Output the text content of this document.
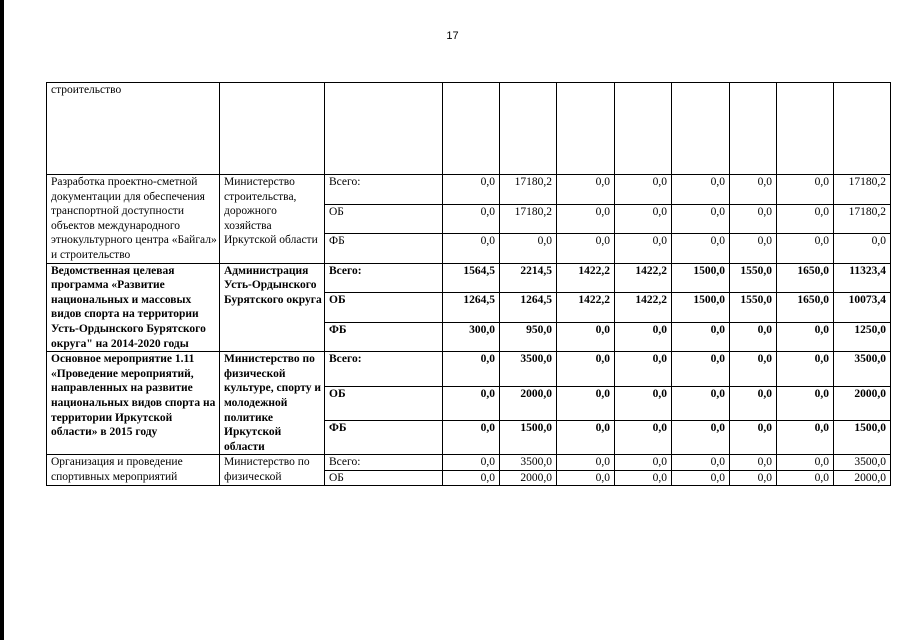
17
строительство										
Разработка проектно-сметной документации для обеспечения транспортной доступности объектов международного этнокультурного центра «Байгал» и строительство	Министерство строительства, дорожного хозяйства Иркутской области	Всего:	0,0	17180,2	0,0	0,0	0,0	0,0	0,0	17180,2
		ОБ	0,0	17180,2	0,0	0,0	0,0	0,0	0,0	17180,2
		ФБ	0,0	0,0	0,0	0,0	0,0	0,0	0,0	0,0
Ведомственная целевая программа «Развитие национальных и массовых видов спорта на территории Усть-Ордынского Бурятского округа" на 2014-2020 годы	Администрация Усть-Ордынского Бурятского округа	Всего:	1564,5	2214,5	1422,2	1422,2	1500,0	1550,0	1650,0	11323,4
		ОБ	1264,5	1264,5	1422,2	1422,2	1500,0	1550,0	1650,0	10073,4
		ФБ	300,0	950,0	0,0	0,0	0,0	0,0	0,0	1250,0
Основное мероприятие 1.11 «Проведение мероприятий, направленных на развитие национальных видов спорта на территории Иркутской области» в 2015 году	Министерство по физической культуре, спорту и молодежной политике Иркутской области	Всего:	0,0	3500,0	0,0	0,0	0,0	0,0	0,0	3500,0
		ОБ	0,0	2000,0	0,0	0,0	0,0	0,0	0,0	2000,0
		ФБ	0,0	1500,0	0,0	0,0	0,0	0,0	0,0	1500,0
Организация и проведение спортивных мероприятий	Министерство по физической	Всего:	0,0	3500,0	0,0	0,0	0,0	0,0	0,0	3500,0
		ОБ	0,0	2000,0	0,0	0,0	0,0	0,0	0,0	2000,0
